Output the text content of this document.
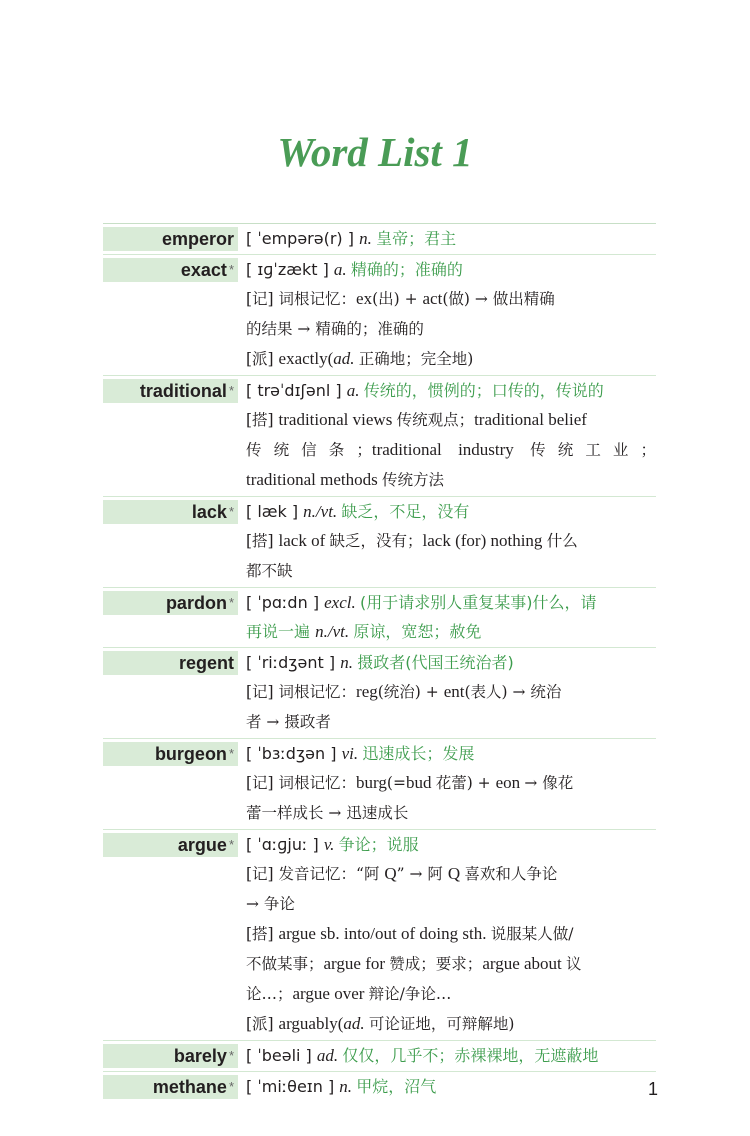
Word List 1
emperor [ ˈempərə(r) ] n. 皇帝；君主
exact * [ ɪɡˈzækt ] a. 精确的；准确的
[记] 词根记忆：ex(出) + act(做) → 做出精确
的结果 → 精确的；准确的
[派] exactly(ad. 正确地；完全地)
traditional * [ trəˈdɪʃənl ] a. 传统的，惯例的；口传的，传说的
[搭] traditional views 传统观点；traditional belief
传统信条；traditional industry 传统工业；
traditional methods 传统方法
lack * [ læk ] n./vt. 缺乏，不足，没有
[搭] lack of 缺乏，没有；lack (for) nothing 什么
都不缺
pardon * [ ˈpɑːdn ] excl. (用于请求别人重复某事)什么，请
再说一遍 n./vt. 原谅，宽恕；赦免
regent [ ˈriːdʒənt ] n. 摄政者(代国王统治者)
[记] 词根记忆：reg(统治) + ent(表人) → 统治
者 → 摄政者
burgeon * [ ˈbɜːdʒən ] vi. 迅速成长；发展
[记] 词根记忆：burg(=bud 花蕾) + eon → 像花
蕾一样成长 → 迅速成长
argue * [ ˈɑːɡjuː ] v. 争论；说服
[记] 发音记忆：“阿 Q” → 阿 Q 喜欢和人争论
→ 争论
[搭] argue sb. into/out of doing sth. 说服某人做/
不做某事；argue for 赞成；要求；argue about 议
论…；argue over 辩论/争论…
[派] arguably(ad. 可论证地，可辩解地)
barely * [ ˈbeəli ] ad. 仅仅，几乎不；赤裸裸地，无遮蔽地
methane * [ ˈmiːθeɪn ] n. 甲烷，沼气	1
